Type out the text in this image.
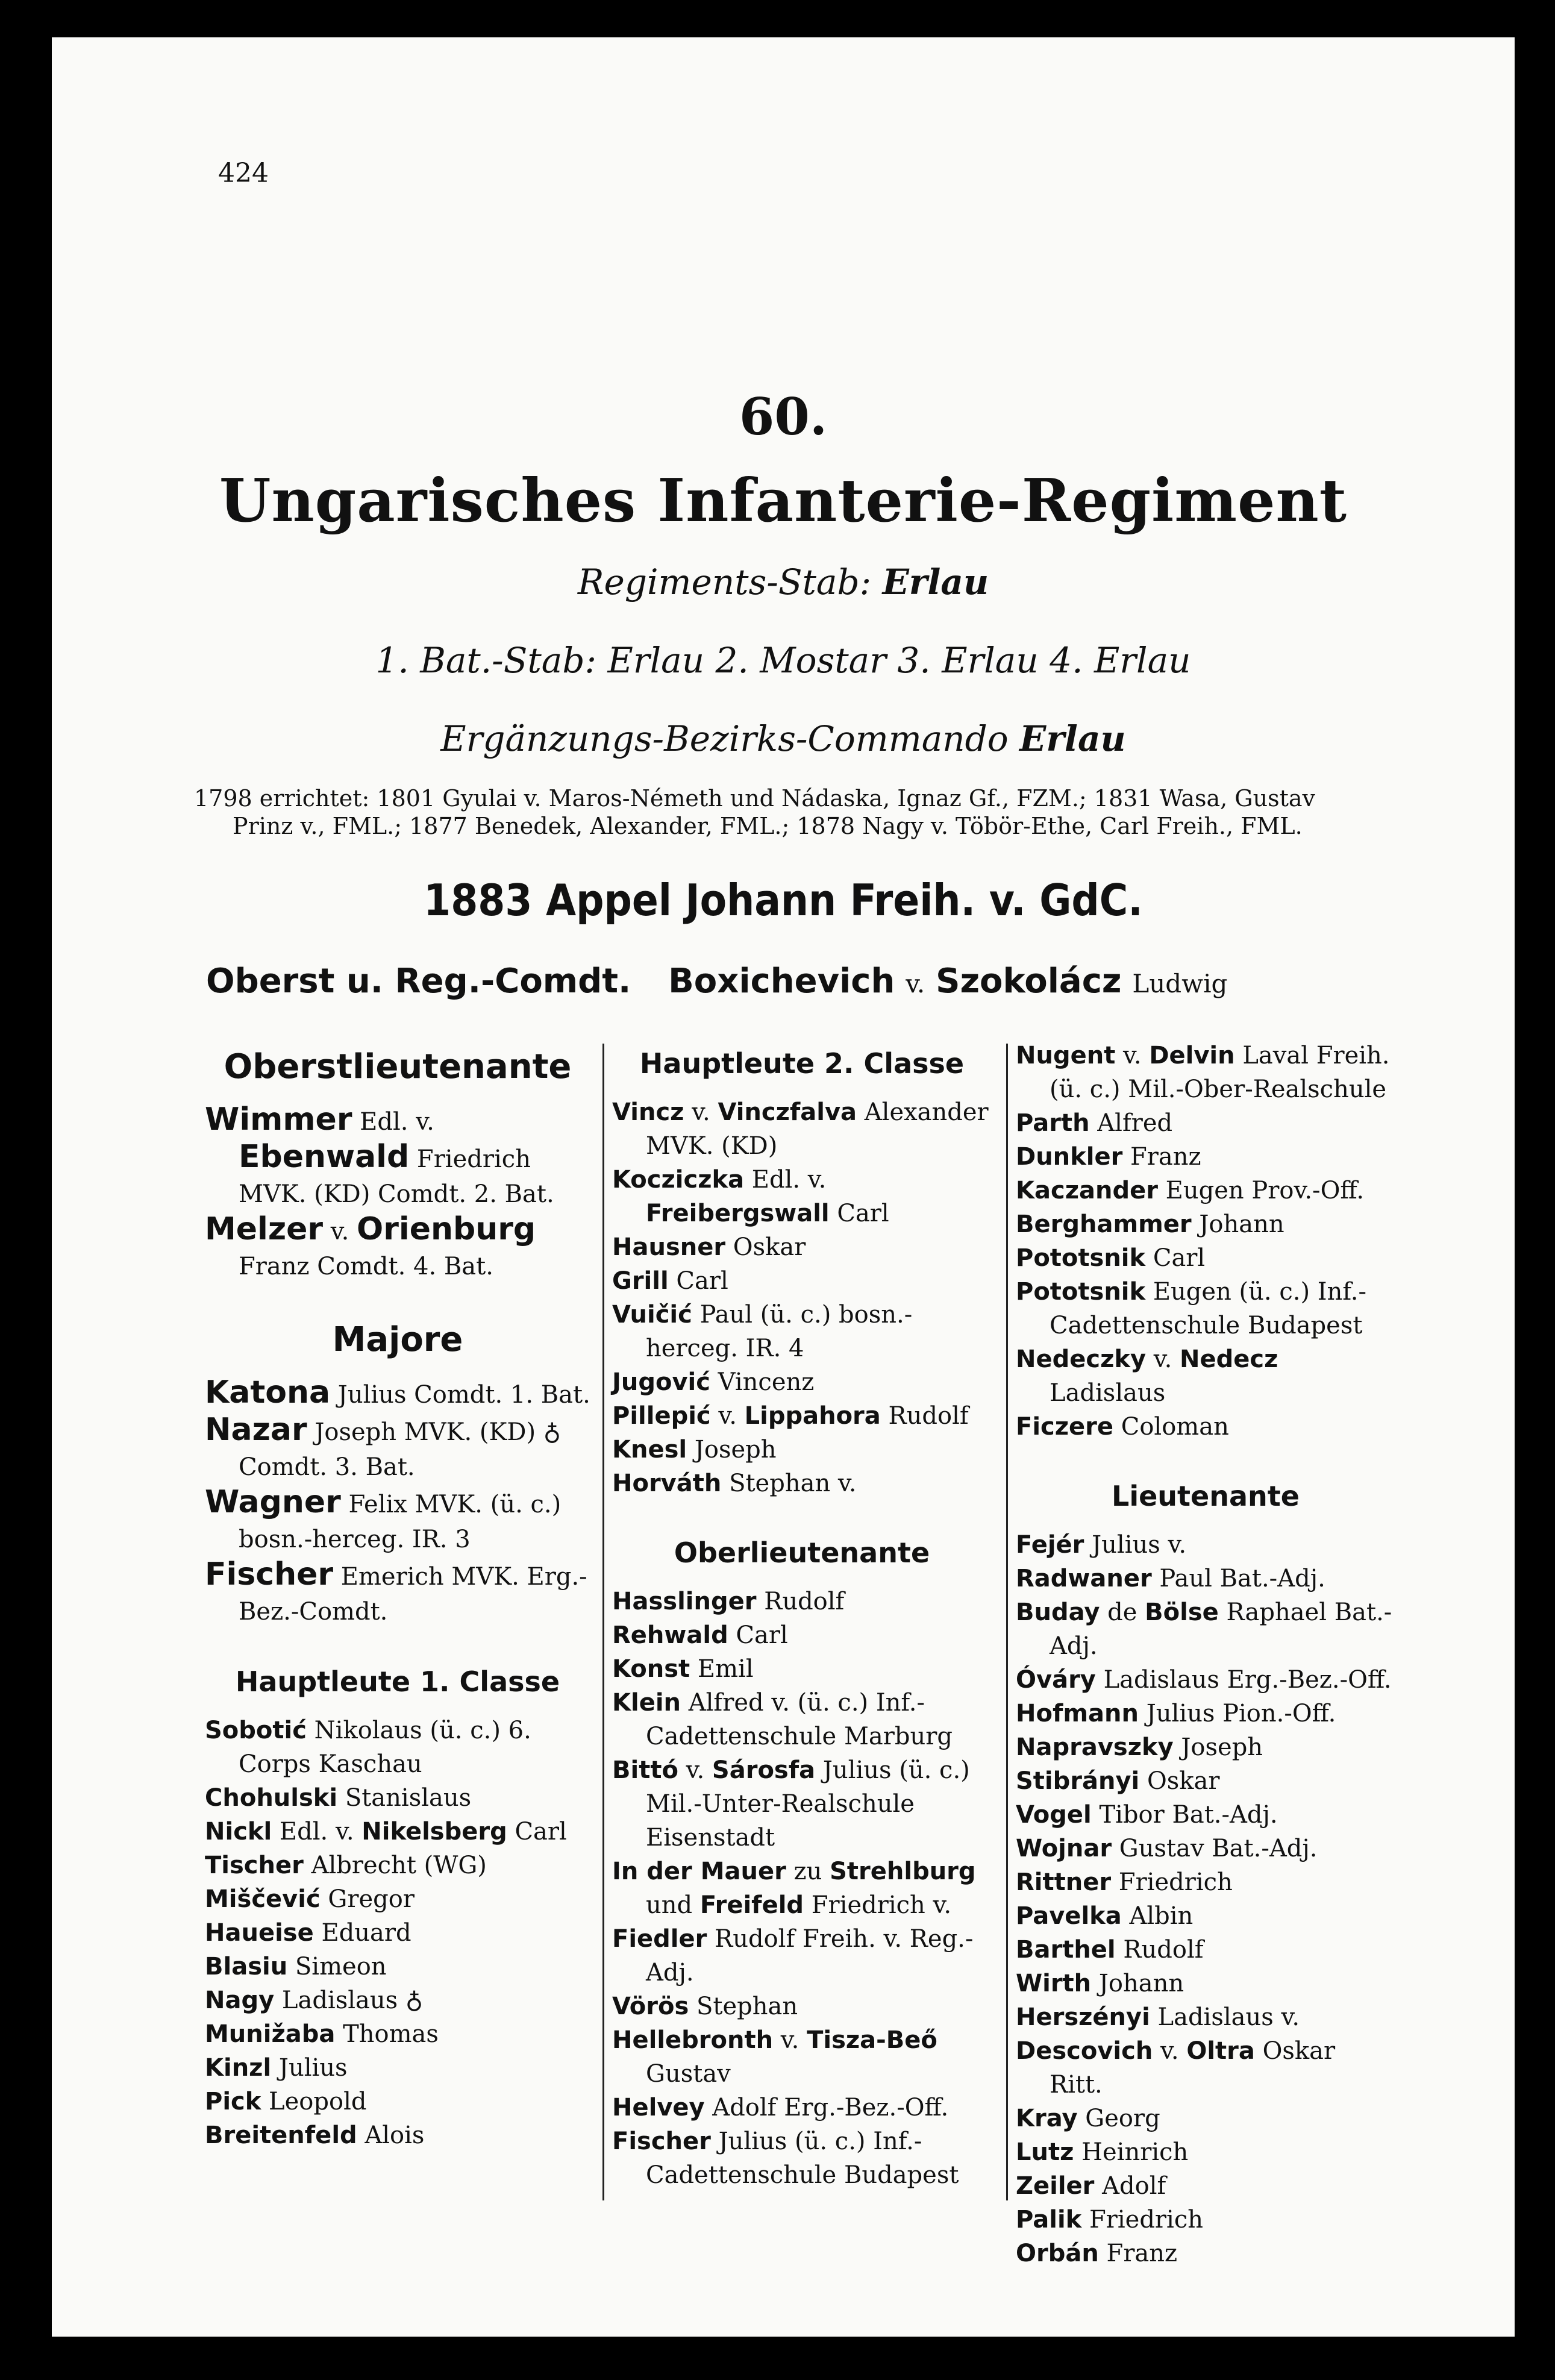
424
60.
Ungarisches Infanterie-Regiment
Regiments-Stab: Erlau
1. Bat.-Stab: Erlau 2. Mostar 3. Erlau 4. Erlau
Ergänzungs-Bezirks-Commando Erlau
1798 errichtet: 1801 Gyulai v. Maros-Németh und Nádaska, Ignaz Gf., FZM.; 1831 Wasa, Gustav
Prinz v., FML.; 1877 Benedek, Alexander, FML.; 1878 Nagy v. Töbör-Ethe, Carl Freih., FML.
1883 Appel Johann Freih. v. GdC.
Oberst u. Reg.-Comdt. Boxichevich v. Szokolácz Ludwig
Oberstlieutenante
Wimmer Edl. v. Ebenwald Friedrich MVK. (KD) Comdt. 2. Bat.
Melzer v. Orienburg Franz Comdt. 4. Bat.
Majore
Katona Julius Comdt. 1. Bat.
Nazar Joseph MVK. (KD) ♁ Comdt. 3. Bat.
Wagner Felix MVK. (ü. c.) bosn.-herceg. IR. 3
Fischer Emerich MVK. Erg.-Bez.-Comdt.
Hauptleute 1. Classe
Sobotić Nikolaus (ü. c.) 6. Corps Kaschau
Chohulski Stanislaus
Nickl Edl. v. Nikelsberg Carl
Tischer Albrecht (WG)
Miščević Gregor
Haueise Eduard
Blasiu Simeon
Nagy Ladislaus ♁
Munižaba Thomas
Kinzl Julius
Pick Leopold
Breitenfeld Alois
Hauptleute 2. Classe
Vincz v. Vinczfalva Alexander MVK. (KD)
Kocziczka Edl. v. Freibergswall Carl
Hausner Oskar
Grill Carl
Vuičić Paul (ü. c.) bosn.-herceg. IR. 4
Jugović Vincenz
Pillepić v. Lippahora Rudolf
Knesl Joseph
Horváth Stephan v.
Oberlieutenante
Hasslinger Rudolf
Rehwald Carl
Konst Emil
Klein Alfred v. (ü. c.) Inf.-Cadettenschule Marburg
Bittó v. Sárosfa Julius (ü. c.) Mil.-Unter-Realschule Eisenstadt
In der Mauer zu Strehlburg und Freifeld Friedrich v.
Fiedler Rudolf Freih. v. Reg.-Adj.
Vörös Stephan
Hellebronth v. Tisza-Beő Gustav
Helvey Adolf Erg.-Bez.-Off.
Fischer Julius (ü. c.) Inf.-Cadettenschule Budapest
Nugent v. Delvin Laval Freih. (ü. c.) Mil.-Ober-Realschule
Parth Alfred
Dunkler Franz
Kaczander Eugen Prov.-Off.
Berghammer Johann
Pototsnik Carl
Pototsnik Eugen (ü. c.) Inf.-Cadettenschule Budapest
Nedeczky v. Nedecz Ladislaus
Ficzere Coloman
Lieutenante
Fejér Julius v.
Radwaner Paul Bat.-Adj.
Buday de Bölse Raphael Bat.-Adj.
Óváry Ladislaus Erg.-Bez.-Off.
Hofmann Julius Pion.-Off.
Napravszky Joseph
Stibrányi Oskar
Vogel Tibor Bat.-Adj.
Wojnar Gustav Bat.-Adj.
Rittner Friedrich
Pavelka Albin
Barthel Rudolf
Wirth Johann
Herszényi Ladislaus v.
Descovich v. Oltra Oskar Ritt.
Kray Georg
Lutz Heinrich
Zeiler Adolf
Palik Friedrich
Orbán Franz
